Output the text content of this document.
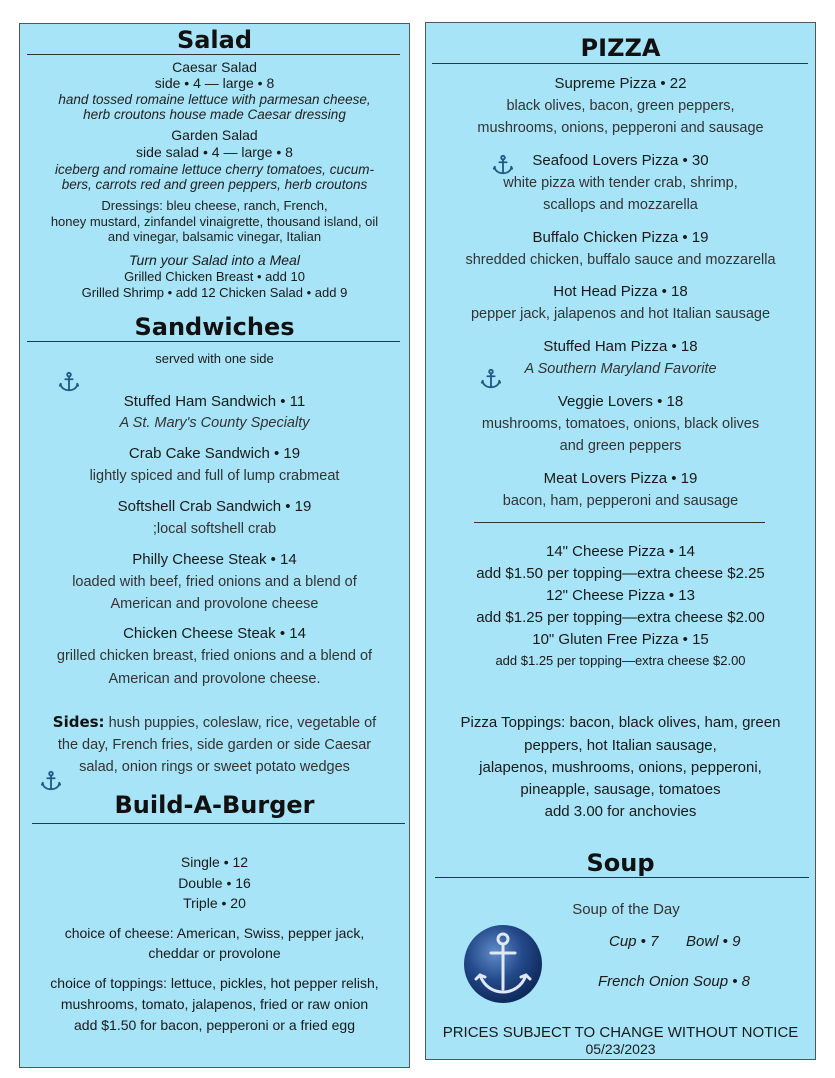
Salad
Caesar Salad
side • 4 — large • 8
hand tossed romaine lettuce with parmesan cheese,
herb croutons house made Caesar dressing
Garden Salad
side salad • 4 — large • 8
iceberg and romaine lettuce cherry tomatoes, cucum-
bers, carrots red and green peppers, herb croutons
Dressings: bleu cheese, ranch, French,
honey mustard, zinfandel vinaigrette, thousand island, oil
and vinegar, balsamic vinegar, Italian
Turn your Salad into a Meal
Grilled Chicken Breast • add 10
Grilled Shrimp • add 12 Chicken Salad • add 9
Sandwiches
served with one side
Stuffed Ham Sandwich • 11
A St. Mary's County Specialty
Crab Cake Sandwich • 19
lightly spiced and full of lump crabmeat
Softshell Crab Sandwich • 19
;local softshell crab
Philly Cheese Steak • 14
loaded with beef, fried onions and a blend of
American and provolone cheese
Chicken Cheese Steak • 14
grilled chicken breast, fried onions and a blend of
American and provolone cheese.
Sides: hush puppies, coleslaw, rice, vegetable of
the day, French fries, side garden or side Caesar
salad, onion rings or sweet potato wedges
Build-A-Burger
Single • 12
Double • 16
Triple • 20
choice of cheese: American, Swiss, pepper jack,
cheddar or provolone
choice of toppings: lettuce, pickles, hot pepper relish,
mushrooms, tomato, jalapenos, fried or raw onion
add $1.50 for bacon, pepperoni or a fried egg
PIZZA
Supreme Pizza • 22
black olives, bacon, green peppers,
mushrooms, onions, pepperoni and sausage
Seafood Lovers Pizza • 30
white pizza with tender crab, shrimp,
scallops and mozzarella
Buffalo Chicken Pizza • 19
shredded chicken, buffalo sauce and mozzarella
Hot Head Pizza • 18
pepper jack, jalapenos and hot Italian sausage
Stuffed Ham Pizza • 18
A Southern Maryland Favorite
Veggie Lovers • 18
mushrooms, tomatoes, onions, black olives
and green peppers
Meat Lovers Pizza • 19
bacon, ham, pepperoni and sausage
14" Cheese Pizza • 14
add $1.50 per topping—extra cheese $2.25
12" Cheese Pizza • 13
add $1.25 per topping—extra cheese $2.00
10" Gluten Free Pizza • 15
add $1.25 per topping—extra cheese $2.00
Pizza Toppings: bacon, black olives, ham, green
peppers, hot Italian sausage,
jalapenos, mushrooms, onions, pepperoni,
pineapple, sausage, tomatoes
add 3.00 for anchovies
Soup
Soup of the Day
Cup • 7 Bowl • 9
French Onion Soup • 8
PRICES SUBJECT TO CHANGE WITHOUT NOTICE
05/23/2023
